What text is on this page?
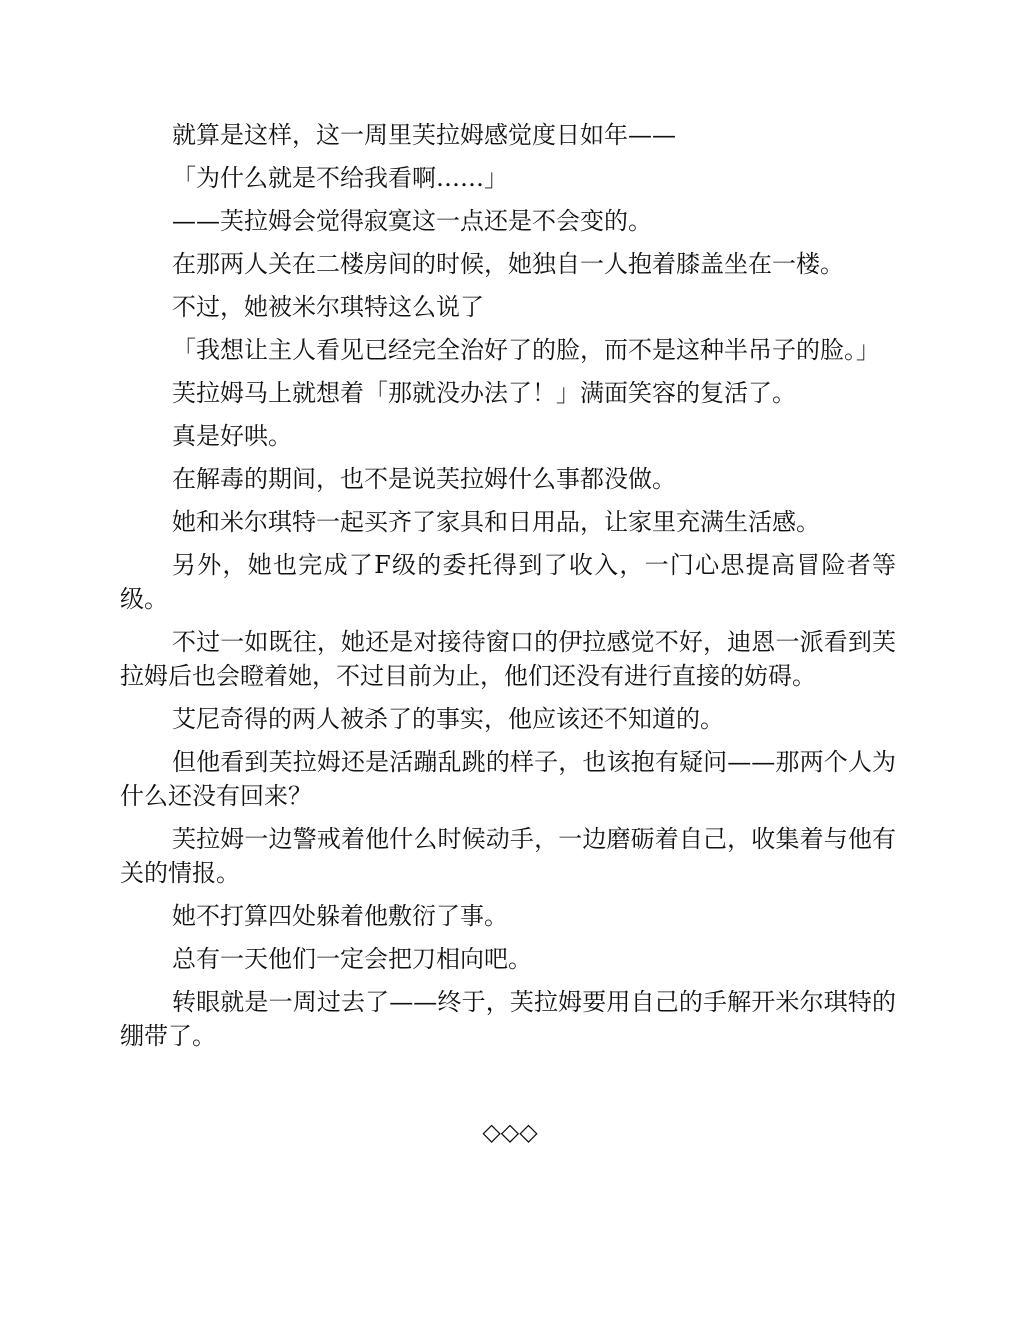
就算是这样，这一周里芙拉姆感觉度日如年——

「为什么就是不给我看啊……」

——芙拉姆会觉得寂寞这一点还是不会变的。

在那两人关在二楼房间的时候，她独自一人抱着膝盖坐在一楼。

不过，她被米尔琪特这么说了

「我想让主人看见已经完全治好了的脸，而不是这种半吊子的脸。」

芙拉姆马上就想着「那就没办法了！」满面笑容的复活了。

真是好哄。

在解毒的期间，也不是说芙拉姆什么事都没做。

她和米尔琪特一起买齐了家具和日用品，让家里充满生活感。

另外，她也完成了F级的委托得到了收入，一门心思提高冒险者等级。

不过一如既往，她还是对接待窗口的伊拉感觉不好，迪恩一派看到芙拉姆后也会瞪着她，不过目前为止，他们还没有进行直接的妨碍。

艾尼奇得的两人被杀了的事实，他应该还不知道的。

但他看到芙拉姆还是活蹦乱跳的样子，也该抱有疑问——那两个人为什么还没有回来？

芙拉姆一边警戒着他什么时候动手，一边磨砺着自己，收集着与他有关的情报。

她不打算四处躲着他敷衍了事。

总有一天他们一定会把刀相向吧。

转眼就是一周过去了——终于，芙拉姆要用自己的手解开米尔琪特的绷带了。

◇◇◇
